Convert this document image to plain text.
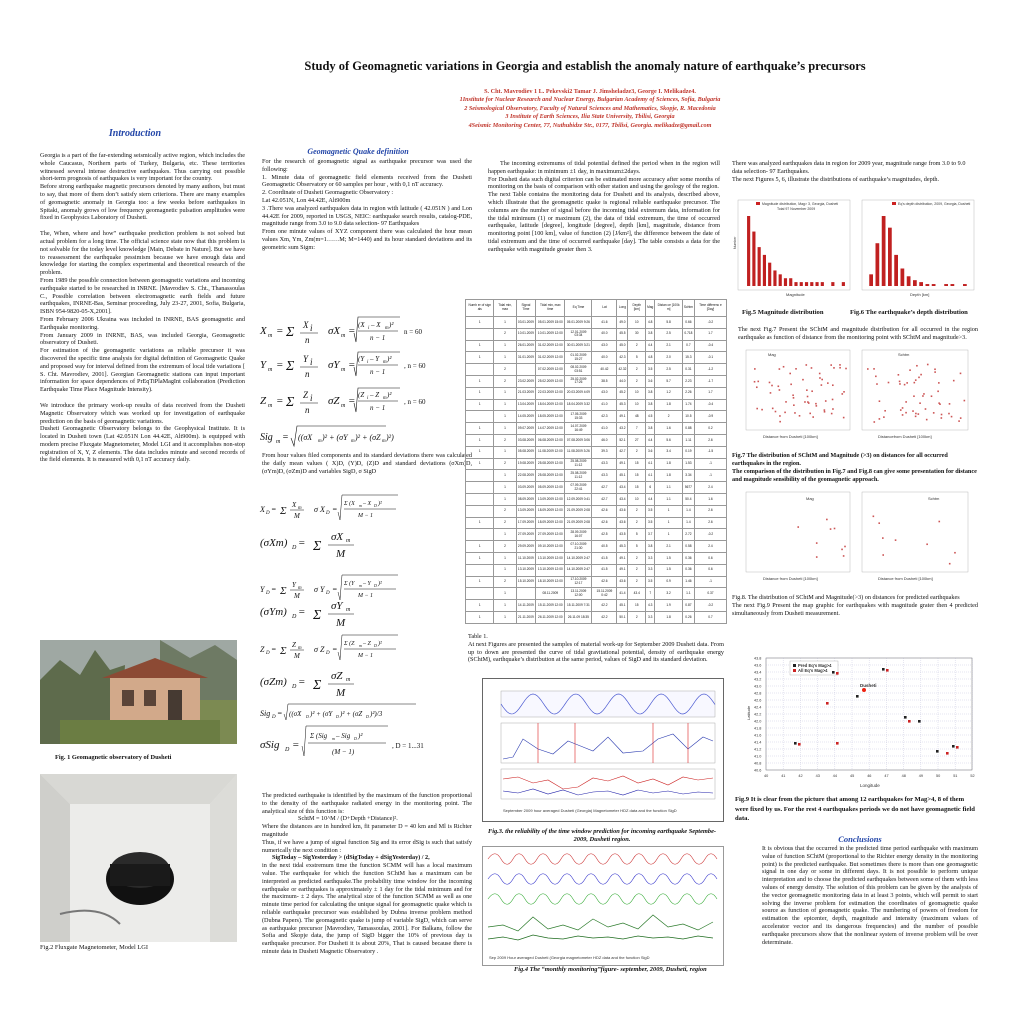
Study of Geomagnetic variations in Georgia and establish the anomaly nature of earthquake’s precursors
S. Cht. Mavrodiev 1 L. Pekevski2 Tamar J. Jimsheladze3, George I. Melikadze4.
1Institute for Nuclear Research and Nuclear Energy, Bulgarian Academy of Sciences, Sofia, Bulgaria
2 Seismological Observatory, Faculty of Natural Sciences and Mathematics, Skopje, R. Macedonia
3 Institute of Earth Sciences, Ilia State University, Tbilisi, Georgia
4Seismic Monitoring Center, 77, Nuthubidze Str., 0177, Tbilisi, Georgia. melikadze@gmail.com
Introduction

Georgia is a part of the far-extending seismically active region, which includes the whole Caucasus, Northern parts of Turkey, Bulgaria, etc. These territories witnessed several intense destructive earthquakes. Thus carrying out possible short-term prognosis of earthquakes is very important for the country.

Before strong earthquake magnetic precursors denoted by many authors, but must to say, that more of them don’t satisfy stern criterions. There are many examples of geomagnetic anomaly in Georgia too: a few weeks before earthquakes in Spitaki, anomaly grows of low frequency geomagnetic pulsation amplitudes were fixed in Geophysics Laboratory of Dusheti.

The, When, where and how” earthquake prediction problem is not solved but actual problem for a long time. The official science state now that this problem is not solvable for the today level knowledge [Main, Debate in Nature]. But we have to reassessment the earthquake pessimism because we have enough data and knowledge for starting the complex experimental and theoretical research of the problem.

From 1989 the possible connection between geomagnetic variations and incoming earthquake started to be researched in INRNE. [Mavrodiev S. Cht., Thanassoulas C., Possible correlation between electromagnetic earth fields and future earthquakes, INRNE-Bas, Seminar proceeding, July 23-27, 2001, Sofia, Bulgaria, ISBN 954-9820-05-X,2001].

From February 2006 Ukraina was included in INRNE, BAS geomagnetic and Earthquake monitoring.

From January 2009 in INRNE, BAS, was included Georgia, Geomagnetic observatory of Dusheti.

For estimation of the geomagnetic variations as reliable precursor it was discovered the specific time analysis for digital definition of Geomagnetic Quake and proposed way for interval defined from the extremum of local tide variations [ S. Cht. Mavrodiev, 2001]. Georgian Geomagnetic stations can input important information for space dependences of PrEqTiPlaMagInt collaboration (Prediction Earthquake Time Place Magnitude Intensity).

We introduce the primary work-up results of data received from the Dusheti Magnetic Observatory which was worked up for investigation of earthquake prediction on the basis of geomagnetic variations.

Dusheti Geomagnetic Observatory belongs to the Geophysical Institute. It is located in Dusheti town (Lat 42.051N Lon 44.42E, Alt900m). is equipped with modern precise Fluxgate Magnetometer, Model LGI and it accomplishes non-stop registration of X, Y, Z elements. The data includes minute and second records of the field elements. It is measured with 0,1 nT accuracy daily.

Fig. 1 Geomagnetic observatory of Dusheti
Fig.2 Fluxgate Magnetometer, Model LGI
Geomagnetic Quake definition
For the research of geomagnetic signal as earthquake precursor was used the following:
1. Minute data of geomagnetic field elements received from the Dusheti Geomagnetic Observatory or 60 samples per hour , with 0,1 nT accuracy.
2. Coordinate of Dusheti Geomagnetic Observatory :
Lat 42.051N, Lon 44.42E, Alt900m
3 .There was analyzed earthquakes data in region with latitude ( 42.051N ) and Lon 44.42E for 2009, reported in USGS, NEIC: earthquake search results, catalog-PDE, magnitude range from 3.0 to 9.0 data selection- 97 Earthquakes
From one minute values of XYZ component there was calculated the hour mean values Xm, Ym, Zm(m=1……M; M=1440) and its hour standard deviations and its geometric sum Sigm:
X m = Σ X i
n
σX m = (X i – X m )²
n − 1
n = 60
Y m = Σ Y i
n
σY m = (Y i – Y m )²
n − 1
, n = 60
Z m = Σ Z i
n
σZ m = (Z i – Z m )²
n − 1
, n = 60
Sig m = ((σX m )² + (σY m )² + (σZ m )²)
From hour values filed components and its standard deviations there was calculated the daily mean values ( X)D, (Y)D, (Z)D and standard deviations (σXm)D, (σYm)D, (σZm)D and variables SigD, σ SigD
X D = Σ X m
M
σ X D =
Σ (X m – X D )²
M − 1
(σXm) D = Σ
σX m
M
Y D = Σ Y m
M
σ Y D =
Σ (Y m – Y D )²
M − 1
(σYm) D = Σ
σY m
M
Z D = Σ Z m
M
σ Z D =
Σ (Z m – Z D )²
M − 1
(σZm) D = Σ
σZ m
M
Sig D = ((σX D )² + (σY D )² + (σZ D )²)/3
σSig D =
Σ (Sig m – Sig D )²
(M − 1)
, D = 1...31
The predicted earthquake is identified by the maximum of the function proportional to the density of the earthquake radiated energy in the monitoring point. The analytical size of this function is:
SchtM = 10^M / (D+Depth +Distance)².
Where the distances are in hundred km, fit parameter D = 40 km and Ml is Richter magnitude
Thus, if we have a jump of signal function Sig and its error dSig is such that satisfy numerically the next condition :
SigToday – SigYesterday > (dSigToday + dSigYesterday) / 2,
in the next tidal exstremum time the function SCMM will has a local maximum value. The earthquake for which the function SChtM has a maximum can be interpreted as predicted earthquake.The probability time window for the incoming earthquake or earthquakes is approximately ± 1 day for the tidal minimum and for the maximum- ± 2 days. The analytical size of the function SCMM as well as one minute time period for calculating the unique signal for geomagnetic quake which is reliable earthquake precursor was established by Dubna inverse problem method (Dubna Papers). The geomagnetic quake is jump of variable SigD, which can serve as earthquake precursor [Mavrodiev, Tamassoulas, 2001]. For Balkans, follow the Sofia and Skopje data, the jump of SigD bigger the 10% of previous day is earthquake precursor. For Dusheti it is about 20%, That is caused because there is minute data in Dusheti Magnetic Observatory .
The incoming extremums of tidal potential defined the period when in the region will happen earthquake: in minimum ±1 day, in maximum±2days.
For Dusheti data such digital criterion can be estimated more accuracy after some months of monitoring on the basis of comparison with other station and using the geology of the region.
The next Table contains the monitoring data for Dusheti and its analysis, described above, which illustrate that the geomagnetic quake is regional reliable earthquake precursor. The columns are the number of signal before the incoming tidal extremum data, information for the tidal minimum (1) or maximum (2), the data of tidal extremum, the time of occurred earthquake, latitude [degree], longitude [degree], depth [km], magnitude, distance from monitoring point [100 km], value of function (2) [J/km²], the difference between the date of tidal extremum and the time of occurred earthquake [day]. The table consists a data for the earthquake with magnitude greater then 3.
Numb er of sign als	Tidal min, max	Signal Time	Tidal min, max time	Eq Time	Lat	Long	Depth [km]	Mag	Distan ce [100k m]	Schtm	Time differenc e [Day]
1	1	03.01.2009	05.01.2009 15:00	05.01.2009 9:26	41.6	49.0	10	4.8	5.8	0.66	-0.2
	2	10.01.2009	10.01.2009 12:00	12.01.2009 03:34	40.0	45.5	30	3.8	2.5	0.718	1.7
1	1	26.01.2009	31.02.2009 12:00	30.01.2009 3:21	43.0	45.0	2	4.4	2.1	0.7	-0.4
1	1	31.01.2009	31.02.2009 12:00	01.02.2009 15:27	40.0	42.3	5	4.8	2.0	15.3	-0.1
	2		07.02.2009 12:00	08.02.2009 03:51	40.42	42.32	2	3.5	2.5	0.31	-1.2
1	2	23.02.2009	25.02.2009 12:00	25.02.2009 17:26	38.5	44.0	2	3.6	5.7	2.23	-1.7
1	1	21.03.2009	22.03.2009 12:00	20.03.2009 4:09	43.0	45.2	10	3.8	1.2	2.26	1.7
1	1	13.04.2009	18.04.2009 12:00	18.04.2009 3:32	41.0	45.3	10	3.8	1.8	1.74	-0.4
	1	14.05.2009	18.05.2009 12:00	17.05.2009 15:33	42.3	49.1	48	4.5	2	10.5	-0.9
1	1	09.07.2009	14.07.2009 12:00	14.07.2009 16:49	41.0	43.2	7	3.8	1.6	0.88	0.2
1	2	03.08.2009	06.08.2009 12:00	07.08.2009 3:06	46.0	52.1	27	4.4	5.6	1.11	2.6
1	1	05.08.2009	11.08.2009 12:00	11.08.2009 3:26	39.3	42.7	2	3.6	3.4	0.19	-1.5
1	2	19.08.2009	25.08.2009 12:00	25.08.2009 11:12	43.3	49.1	15	4.1	1.8	1.53	-1
	1	22.08.2009	25.08.2009 12:00	25.08.2009 11:12	43.3	45.1	15	4.1	1.8	3.34	-1
	1	03.09.2009	05.09.2009 12:00	07.09.2009 22:41	42.7	43.4	15	6	1.1	5677	2.4
	1	08.09.2009	13.09.2009 12:00	12.09.2009 0:41	42.7	43.4	10	4.4	1.1	50.4	1.6
	2	13.09.2009	18.09.2009 12:00	21.09.2009 2:08	42.6	43.6	2	3.5	1	1.4	2.6
1	2	17.09.2009	18.09.2009 12:00	21.09.2009 2:08	42.6	43.6	2	3.5	1	1.4	2.6
	1	27.09.2009	27.09.2009 12:00	28.09.2009 16:07	42.5	43.5	5	3.7	1	2.72	-0.2
1	2	29.09.2009	09.10.2009 12:00	07.10.2009 21:30	40.5	45.3	5	3.8	2.1	0.58	2.4
1	1	11.10.2009	13.10.2009 12:00	14.10.2009 2:47	41.5	49.1	2	3.3	1.5	0.36	0.6
	1	13.10.2009	13.10.2009 12:00	14.10.2009 2:47	41.5	49.1	2	3.3	1.5	0.36	0.6
1	2	15.10.2009	18.10.2009 12:00	17.10.2009 12:17	42.6	43.6	2	3.5	0.9	1.46	-1
	1		08.11.2009	13.11.2009 12:00	15.11.2009 0:42	41.4	43.4	7	3.2	1.1	0.37
1	1	14.11.2009	15.11.2009 12:00	15.11.2009 7:31	42.2	45.1	15	4.3	1.9	0.87	-0.2
1	1	21.11.2009	26.11.2009 12:00	26.11.09 18:35	42.2	50.1	2	3.3	1.8	0.26	0.7
Table 1.
At next Figures are presented the samples of material work-up for September 2009 Dusheti data. From up to down are presented the curve of tidal gravitational potential, density of earthquake energy (SChtM), earthquake’s distribution at the same period, values of SigD and its standard deviation.
September 2009 hour averaged Dusheti (Georgia) Magnetometer HDZ data and the function SigD
Fig.3. the reliability of the time window prediction for incoming earthquake Septembe- 2009, Dusheti region.
Sep 2009 Hour averaged Dusheti (Georgia magnetometer HDZ data and the function SigD
Fig.4 The “monthly monitoring”figure- september, 2009, Dusheti, region
There was analyzed earthquakes data in region for 2009 year, magnitude range from 3.0 to 9.0 data selection- 97 Earthquakes.
The next Figures 5, 6, illustrate the distributions of earthquake’s magnitudes, depth.
Magnitude distribution, Mag> 3, Georgia, Dusheti
Total 97 November 2009
Number
Magnitude
Eq's depth distribution, 2009, Georgia, Dusheti
Depth [km]
Fig.5 Magnitude distribution	Fig.6 The earthquake’s depth distribution
The next Fig.7 Present the SChtM and magnitude distribution for all occurred in the region earthquake as function of distance from the monitoring point with SChtM and magnitude>3.
Mag
Distance from Dusheti [100km]
Schtm
Distancefrom Dusheti [100km]
Fig.7 The distribution of SChtM and Magnitude (>3) on distances for all occurred earthquakes in the region.
The comparison of the distribution in Fig.7 and Fig.8 can give some presentation for distance and magnitude sensibility of the geomagnetic approach.
Mag
Distance from Dusheti [100km]
Schtm
Distance from Dusheti [100km]
Fig.8. The distribution of SChtM and Magnitude(>3) on distances for predicted earthquakes
The next Fig.9 Present the map graphic for earthquakes with magnitude grater then 4 predicted simultaneously from Dusheti measurement.
43.8
43.6
43.4
43.2
43.0
42.8
42.6
42.4
42.2
42.0
41.8
41.6
41.4
41.2
41.0
40.8
40.6
40	41	42	43	44	45	46	47	48	49	50	51	52
Latitude
Longitude
Pred Eq's Mag>4
All Eq's Mag>4
Dusheti
Fig.9 It is clear from the picture that among 12 earthquakes for Mag>4, 8 of them were fixed by us. For the rest 4 earthquakes periods we do not have geomagnetic field data.
Conclusions
It is obvious that the occurred in the predicted time period earthquake with maximum value of function SChtM (proportional to the Richter energy density in the monitoring point) is the predicted earthquake. But sometimes there is more than one geomagnetic signal in one day or some in different days. It is not possible to perform unique interpretation and to choose the predicted earthquakes between some of them with less values of energy density. The solution of this problem can be given by the analysis of the vector geomagnetic monitoring data in at least 3 points, which will permit to start solving the inverse problem for estimation the coordinates of geomagnetic quake source as function of geomagnetic quake. The numbering of powers of freedom for estimation the epicenter, depth, magnitude and intensity (maximum values of accelerator vector and its dangerous frequencies) and the number of possible earthquake precursors show that the nonlinear system of inverse problem will be over determinate.
